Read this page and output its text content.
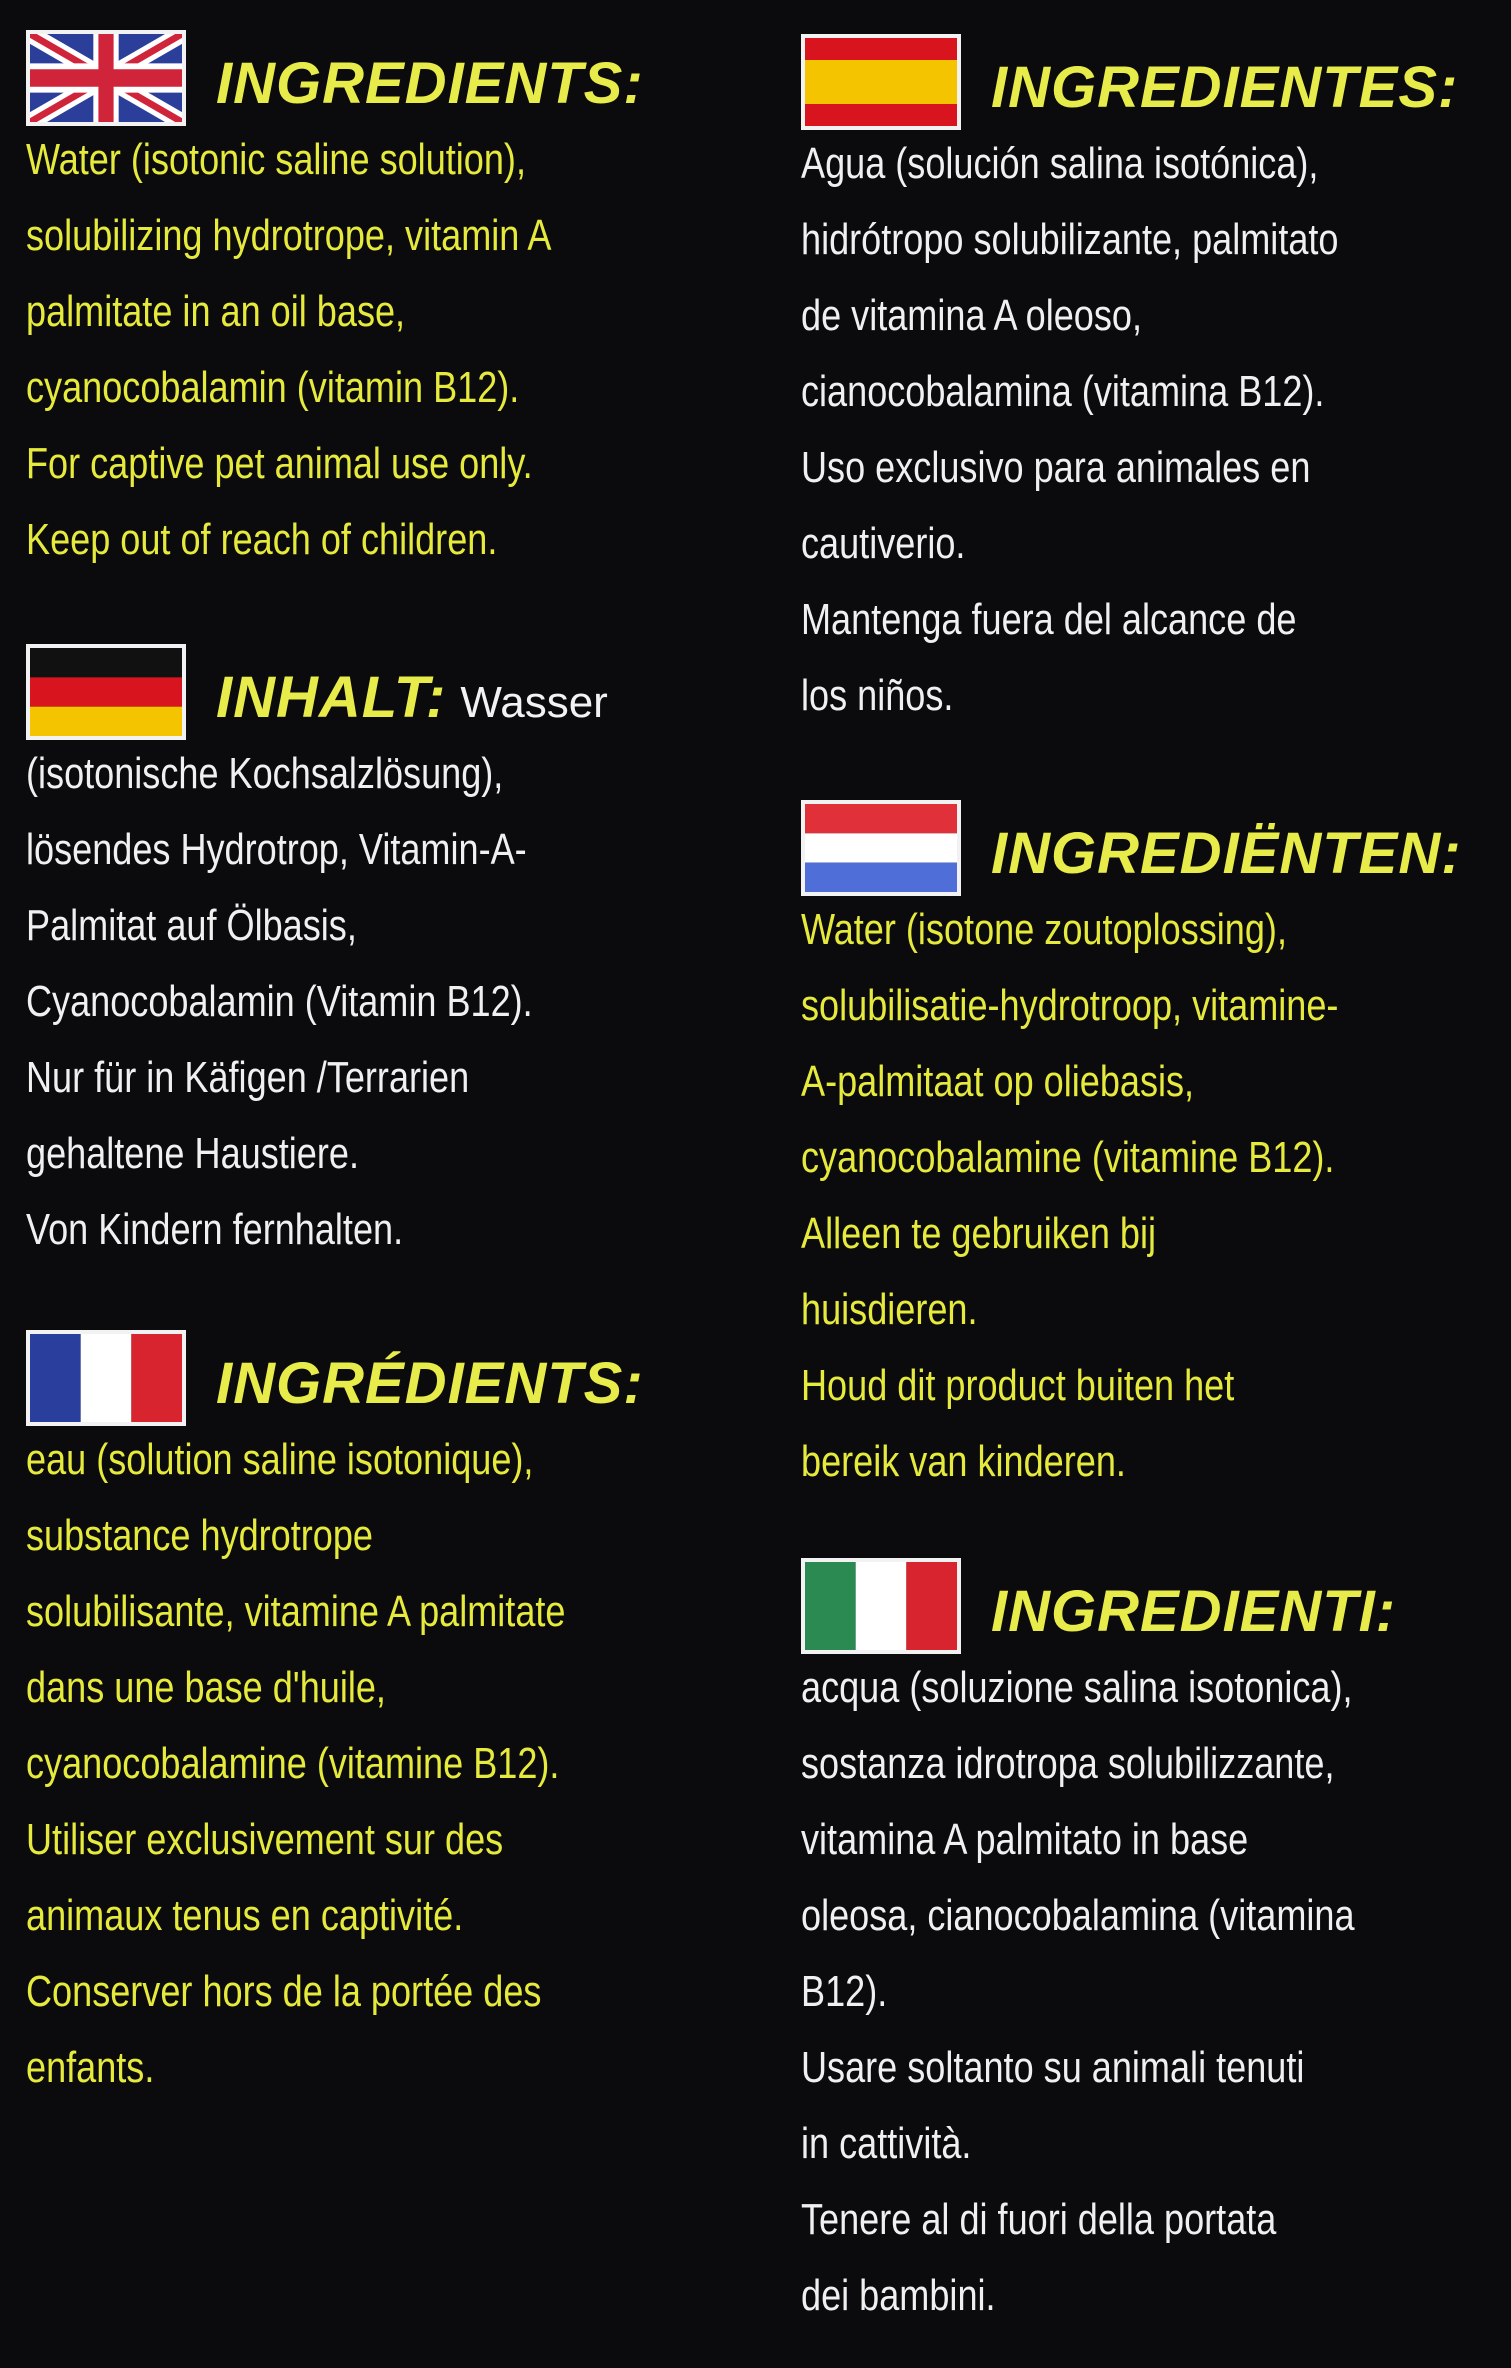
INGREDIENTS:
Water (isotonic saline solution),
solubilizing hydrotrope, vitamin A
palmitate in an oil base,
cyanocobalamin (vitamin B12).
For captive pet animal use only.
Keep out of reach of children.
INHALT: Wasser
(isotonische Kochsalzlösung),
lösendes Hydrotrop, Vitamin-A-
Palmitat auf Ölbasis,
Cyanocobalamin (Vitamin B12).
Nur für in Käfigen /Terrarien
gehaltene Haustiere.
Von Kindern fernhalten.
INGRÉDIENTS:
eau (solution saline isotonique),
substance hydrotrope
solubilisante, vitamine A palmitate
dans une base d'huile,
cyanocobalamine (vitamine B12).
Utiliser exclusivement sur des
animaux tenus en captivité.
Conserver hors de la portée des
enfants.
INGREDIENTES:
Agua (solución salina isotónica),
hidrótropo solubilizante, palmitato
de vitamina A oleoso,
cianocobalamina (vitamina B12).
Uso exclusivo para animales en
cautiverio.
Mantenga fuera del alcance de
los niños.
INGREDIËNTEN:
Water (isotone zoutoplossing),
solubilisatie-hydrotroop, vitamine-
A-palmitaat op oliebasis,
cyanocobalamine (vitamine B12).
Alleen te gebruiken bij
huisdieren.
Houd dit product buiten het
bereik van kinderen.
INGREDIENTI:
acqua (soluzione salina isotonica),
sostanza idrotropa solubilizzante,
vitamina A palmitato in base
oleosa, cianocobalamina (vitamina
B12).
Usare soltanto su animali tenuti
in cattività.
Tenere al di fuori della portata
dei bambini.
